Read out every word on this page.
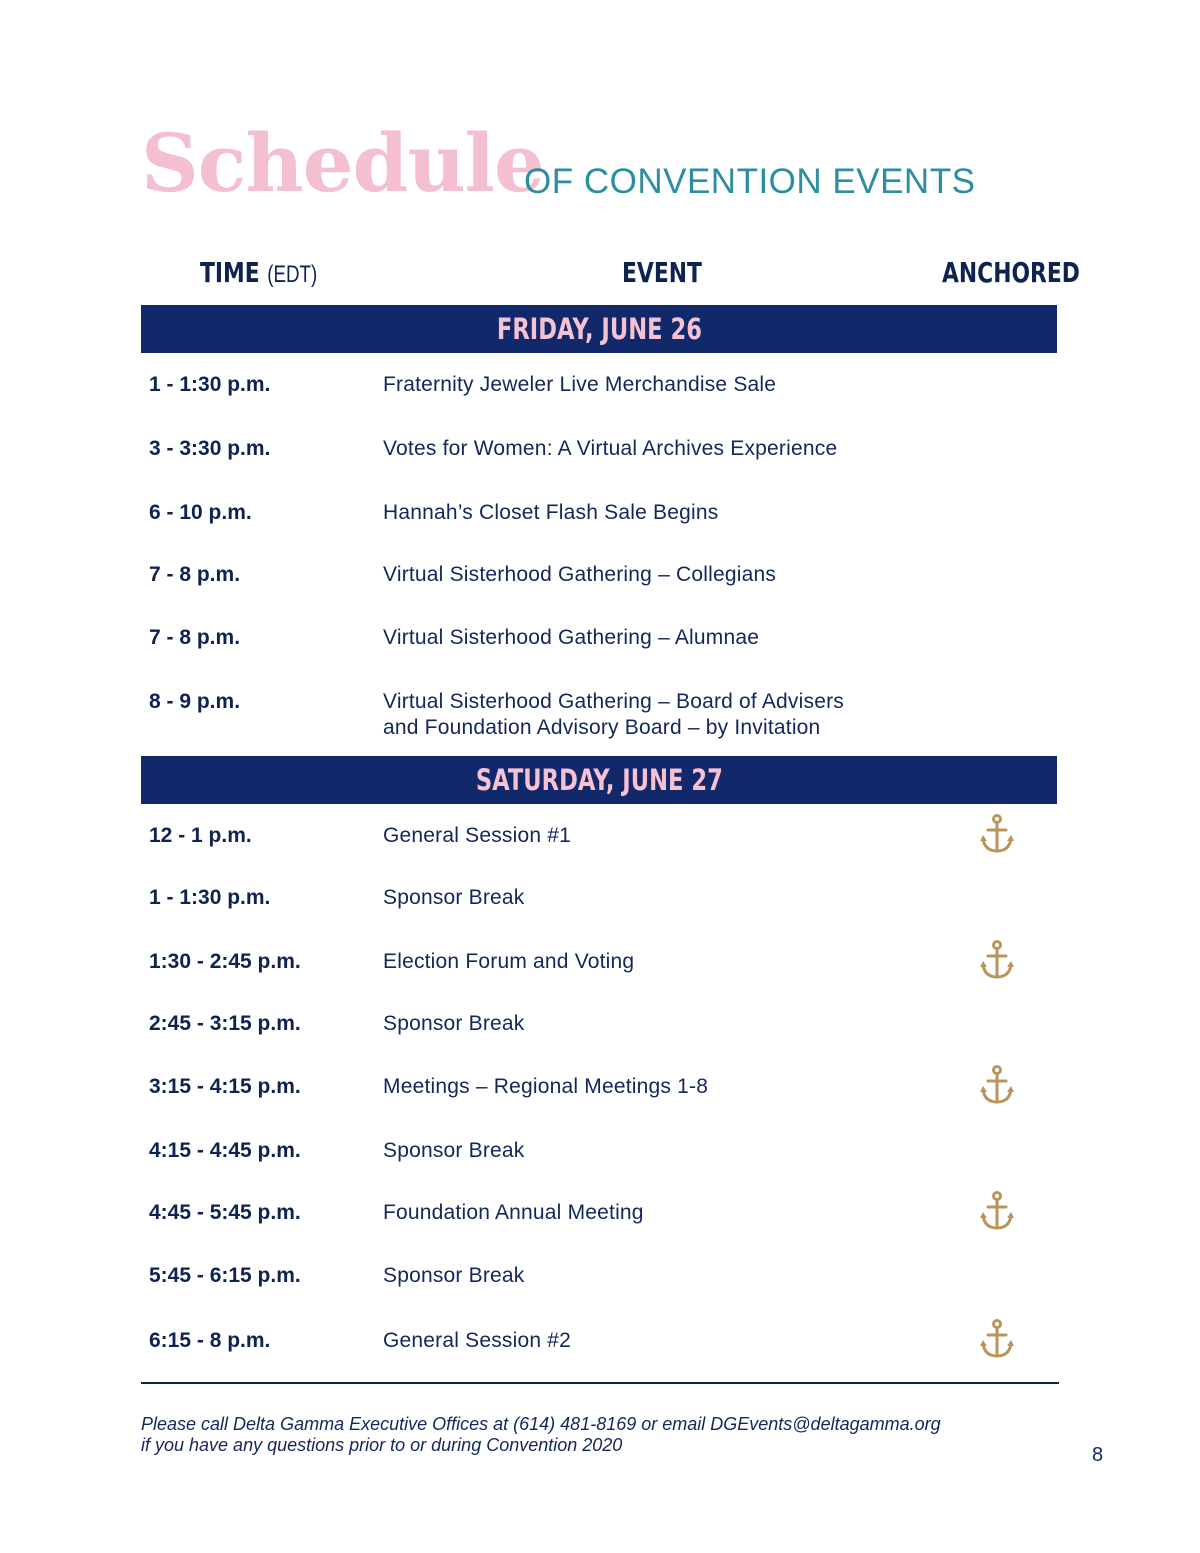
Schedule
OF CONVENTION EVENTS
TIME (EDT)	EVENT	ANCHORED
FRIDAY, JUNE 26
1 - 1:30 p.m.	Fraternity Jeweler Live Merchandise Sale
3 - 3:30 p.m.	Votes for Women: A Virtual Archives Experience
6 - 10 p.m.	Hannah’s Closet Flash Sale Begins
7 - 8 p.m.	Virtual Sisterhood Gathering – Collegians
7 - 8 p.m.	Virtual Sisterhood Gathering – Alumnae
8 - 9 p.m.	Virtual Sisterhood Gathering – Board of Advisers
and Foundation Advisory Board – by Invitation
SATURDAY, JUNE 27
12 - 1 p.m.	General Session #1
1 - 1:30 p.m.	Sponsor Break
1:30 - 2:45 p.m.	Election Forum and Voting
2:45 - 3:15 p.m.	Sponsor Break
3:15 - 4:15 p.m.	Meetings – Regional Meetings 1-8
4:15 - 4:45 p.m.	Sponsor Break
4:45 - 5:45 p.m.	Foundation Annual Meeting
5:45 - 6:15 p.m.	Sponsor Break
6:15 - 8 p.m.	General Session #2
Please call Delta Gamma Executive Offices at (614) 481-8169 or email DGEvents@deltagamma.org
if you have any questions prior to or during Convention 2020	8
